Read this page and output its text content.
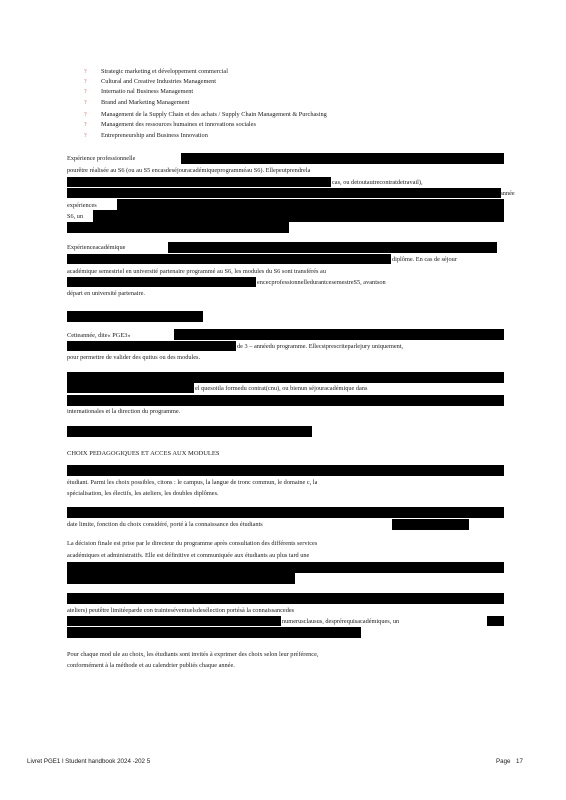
? Strategic marketing et développement commercial
? Cultural and Creative Industries Management
? Internatio nal Business Management
? Brand and Marketing Management
? Management de la Supply Chain et des achats / Supply Chain Management & Purchasing
? Management des ressources humaines et innovations sociales
? Entrepreneurship and Business Innovation
Expérience professionnelle
pourêtre réalisée au S6 (ou au S5 encasdeséjouracadémiqueprogramméau S6). Ellepeutprendrela
cas, ou detoutautrecontratdetravail),
année
expériences
S6, un
Expérienceacadémique
diplôme. En cas de séjour
académique semestriel en université partenaire programmé au S6, les modules du S6 sont transférés au
encecprofessionnelledurantcesemestreS5, avantson
départ en université partenaire.
Cetteannée, dite« PGE3»
de 3 – annéedu programme. Ellecstprescriteparlejury uniquement,
pour permettre de valider des quitus ou des modules.
el quesoitla formedu contrat(cnu), ou bienun séjouracadémique dans
internationales et la direction du programme.
CHOIX PEDAGOGIQUES ET ACCES AUX MODULES
étudiant. Parmi les choix possibles, citons : le campus, la langue de tronc commun, le domaine c, la
spécialisation, les électifs, les ateliers, les doubles diplômes.
date limite, fonction du choix considéré, porté à la connaissance des étudiants
La décision finale est prise par le directeur du programme après consultation des différents services
académiques et administratifs. Elle est définitive et communiquée aux étudiants au plus tard une
ateliers) peutêtre limitéeparde con trainteséventuelsdesélection portésà la connaissancedes
numerusclausus, desprérequisacadémiques, un
Pour chaque mod ule au choix, les étudiants sont invités à exprimer des choix selon leur préférence,
conformément à la méthode et au calendrier publiés chaque année.
Livret PGE1 l Student handbook 2024 -202 5	Page 17
